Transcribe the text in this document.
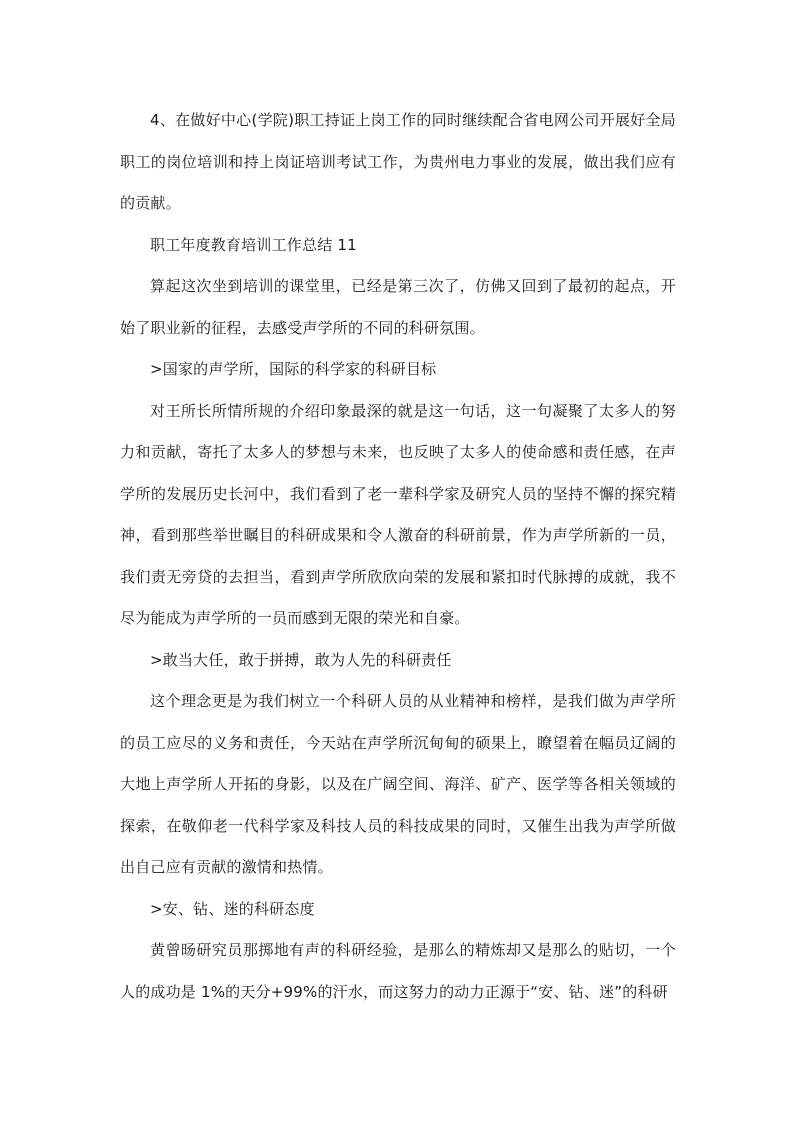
4、在做好中心(学院)职工持证上岗工作的同时继续配合省电网公司开展好全局职工的岗位培训和持上岗证培训考试工作，为贵州电力事业的发展，做出我们应有的贡献。

职工年度教育培训工作总结 11

算起这次坐到培训的课堂里，已经是第三次了，仿佛又回到了最初的起点，开始了职业新的征程，去感受声学所的不同的科研氛围。

>国家的声学所，国际的科学家的科研目标

对王所长所情所规的介绍印象最深的就是这一句话，这一句凝聚了太多人的努力和贡献，寄托了太多人的梦想与未来，也反映了太多人的使命感和责任感，在声学所的发展历史长河中，我们看到了老一辈科学家及研究人员的坚持不懈的探究精神，看到那些举世瞩目的科研成果和令人激奋的科研前景，作为声学所新的一员，我们责无旁贷的去担当，看到声学所欣欣向荣的发展和紧扣时代脉搏的成就，我不尽为能成为声学所的一员而感到无限的荣光和自豪。

>敢当大任，敢于拼搏，敢为人先的科研责任

这个理念更是为我们树立一个科研人员的从业精神和榜样，是我们做为声学所的员工应尽的义务和责任，今天站在声学所沉甸甸的硕果上，瞭望着在幅员辽阔的大地上声学所人开拓的身影，以及在广阔空间、海洋、矿产、医学等各相关领域的探索，在敬仰老一代科学家及科技人员的科技成果的同时，又催生出我为声学所做出自己应有贡献的激情和热情。

>安、钻、迷的科研态度

黄曾旸研究员那掷地有声的科研经验，是那么的精炼却又是那么的贴切，一个人的成功是 1%的天分+99%的汗水，而这努力的动力正源于“安、钻、迷”的科研
